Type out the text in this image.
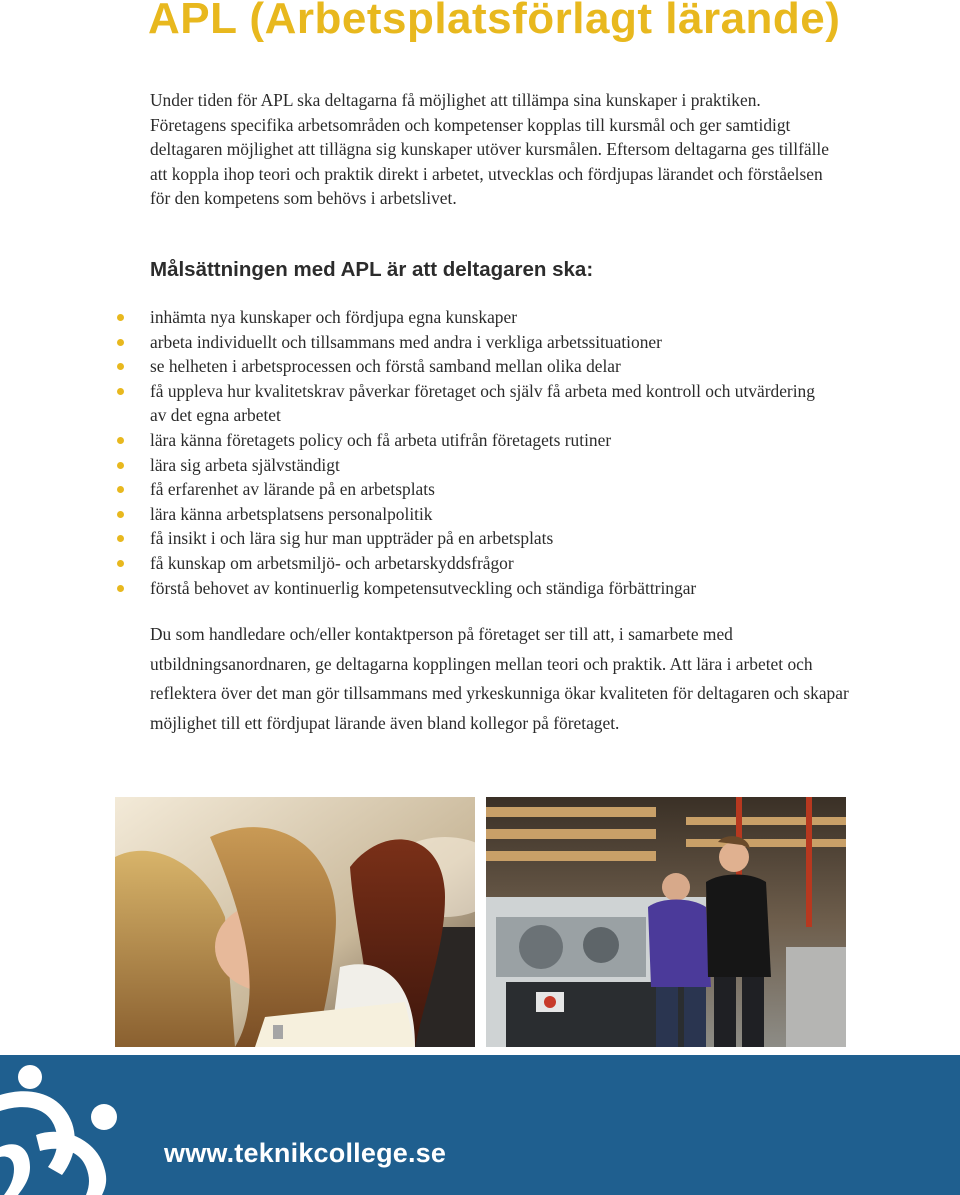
APL (Arbetsplatsförlagt lärande)

Under tiden för APL ska deltagarna få möjlighet att tillämpa sina kunskaper i praktiken. Företagens specifika arbetsområden och kompetenser kopplas till kursmål och ger samtidigt deltagaren möjlighet att tillägna sig kunskaper utöver kursmålen. Eftersom deltagarna ges tillfälle att koppla ihop teori och praktik direkt i arbetet, utvecklas och fördjupas lärandet och förståelsen för den kompetens som behövs i arbetslivet.

Målsättningen med APL är att deltagaren ska:
inhämta nya kunskaper och fördjupa egna kunskaper
arbeta individuellt och tillsammans med andra i verkliga arbetssituationer
se helheten i arbetsprocessen och förstå samband mellan olika delar
få uppleva hur kvalitetskrav påverkar företaget och själv få arbeta med kontroll och utvärdering av det egna arbetet
lära känna företagets policy och få arbeta utifrån företagets rutiner
lära sig arbeta självständigt
få erfarenhet av lärande på en arbetsplats
lära känna arbetsplatsens personalpolitik
få insikt i och lära sig hur man uppträder på en arbetsplats
få kunskap om arbetsmiljö- och arbetarskyddsfrågor
förstå behovet av kontinuerlig kompetensutveckling och ständiga förbättringar

Du som handledare och/eller kontaktperson på företaget ser till att, i samarbete med utbildningsanordnaren, ge deltagarna kopplingen mellan teori och praktik. Att lära i arbetet och reflektera över det man gör tillsammans med yrkeskunniga ökar kvaliteten för deltagaren och skapar möjlighet till ett fördjupat lärande även bland kollegor på företaget.

www.teknikcollege.se
